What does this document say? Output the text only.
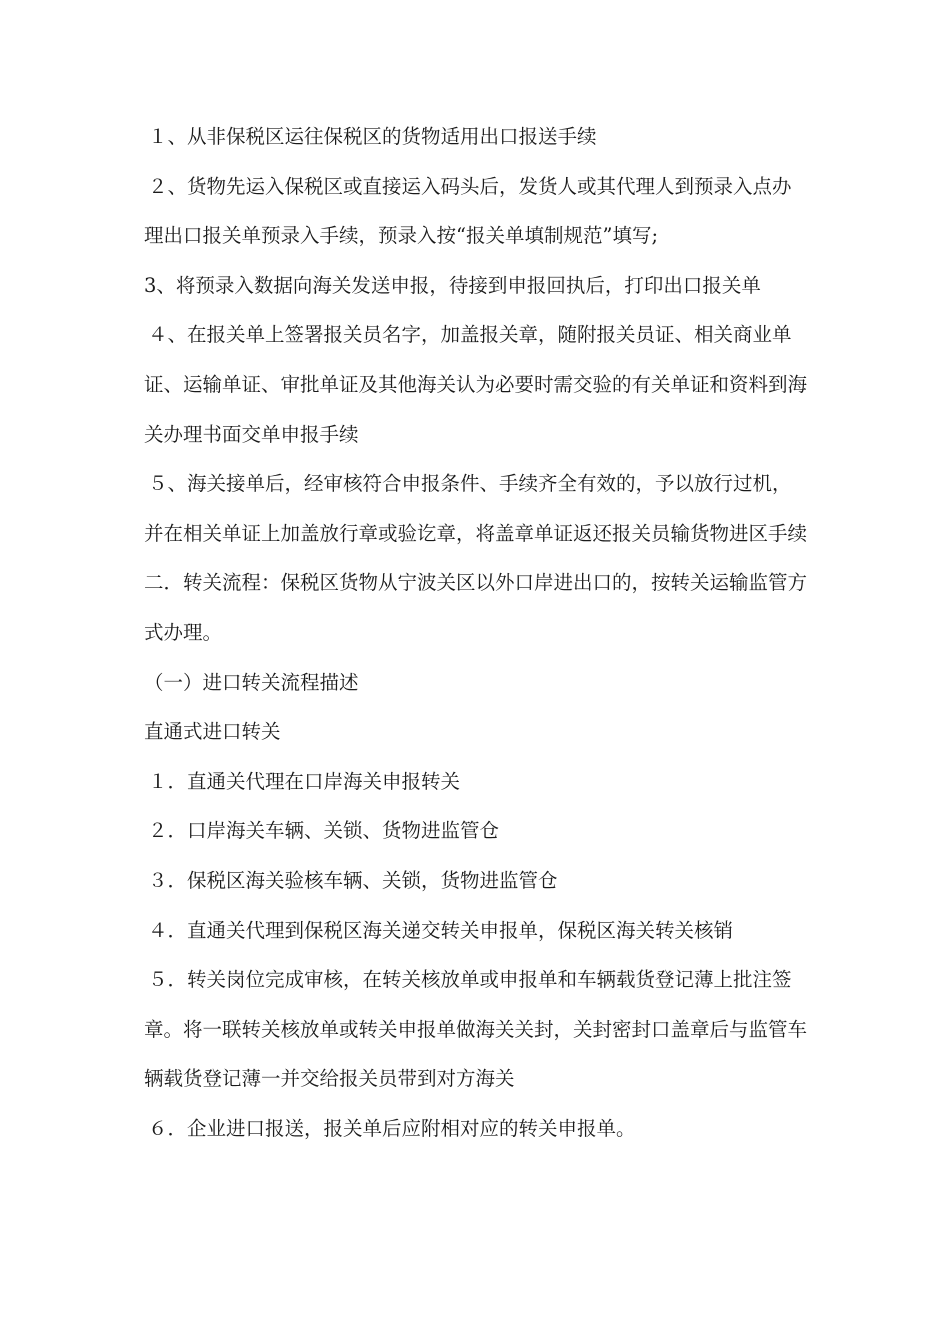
１、从非保税区运往保税区的货物适用出口报送手续

２、货物先运入保税区或直接运入码头后，发货人或其代理人到预录入点办理出口报关单预录入手续，预录入按“报关单填制规范”填写;

3、将预录入数据向海关发送申报，待接到申报回执后，打印出口报关单

４、在报关单上签署报关员名字，加盖报关章，随附报关员证、相关商业单证、运输单证、审批单证及其他海关认为必要时需交验的有关单证和资料到海关办理书面交单申报手续

５、海关接单后，经审核符合申报条件、手续齐全有效的，予以放行过机，并在相关单证上加盖放行章或验讫章，将盖章单证返还报关员输货物进区手续

二．转关流程：保税区货物从宁波关区以外口岸进出口的，按转关运输监管方式办理。

（一）进口转关流程描述

直通式进口转关

１．直通关代理在口岸海关申报转关

２．口岸海关车辆、关锁、货物进监管仓

３．保税区海关验核车辆、关锁，货物进监管仓

４．直通关代理到保税区海关递交转关申报单，保税区海关转关核销

５．转关岗位完成审核，在转关核放单或申报单和车辆载货登记薄上批注签章。将一联转关核放单或转关申报单做海关关封，关封密封口盖章后与监管车辆载货登记薄一并交给报关员带到对方海关

６．企业进口报送，报关单后应附相对应的转关申报单。
